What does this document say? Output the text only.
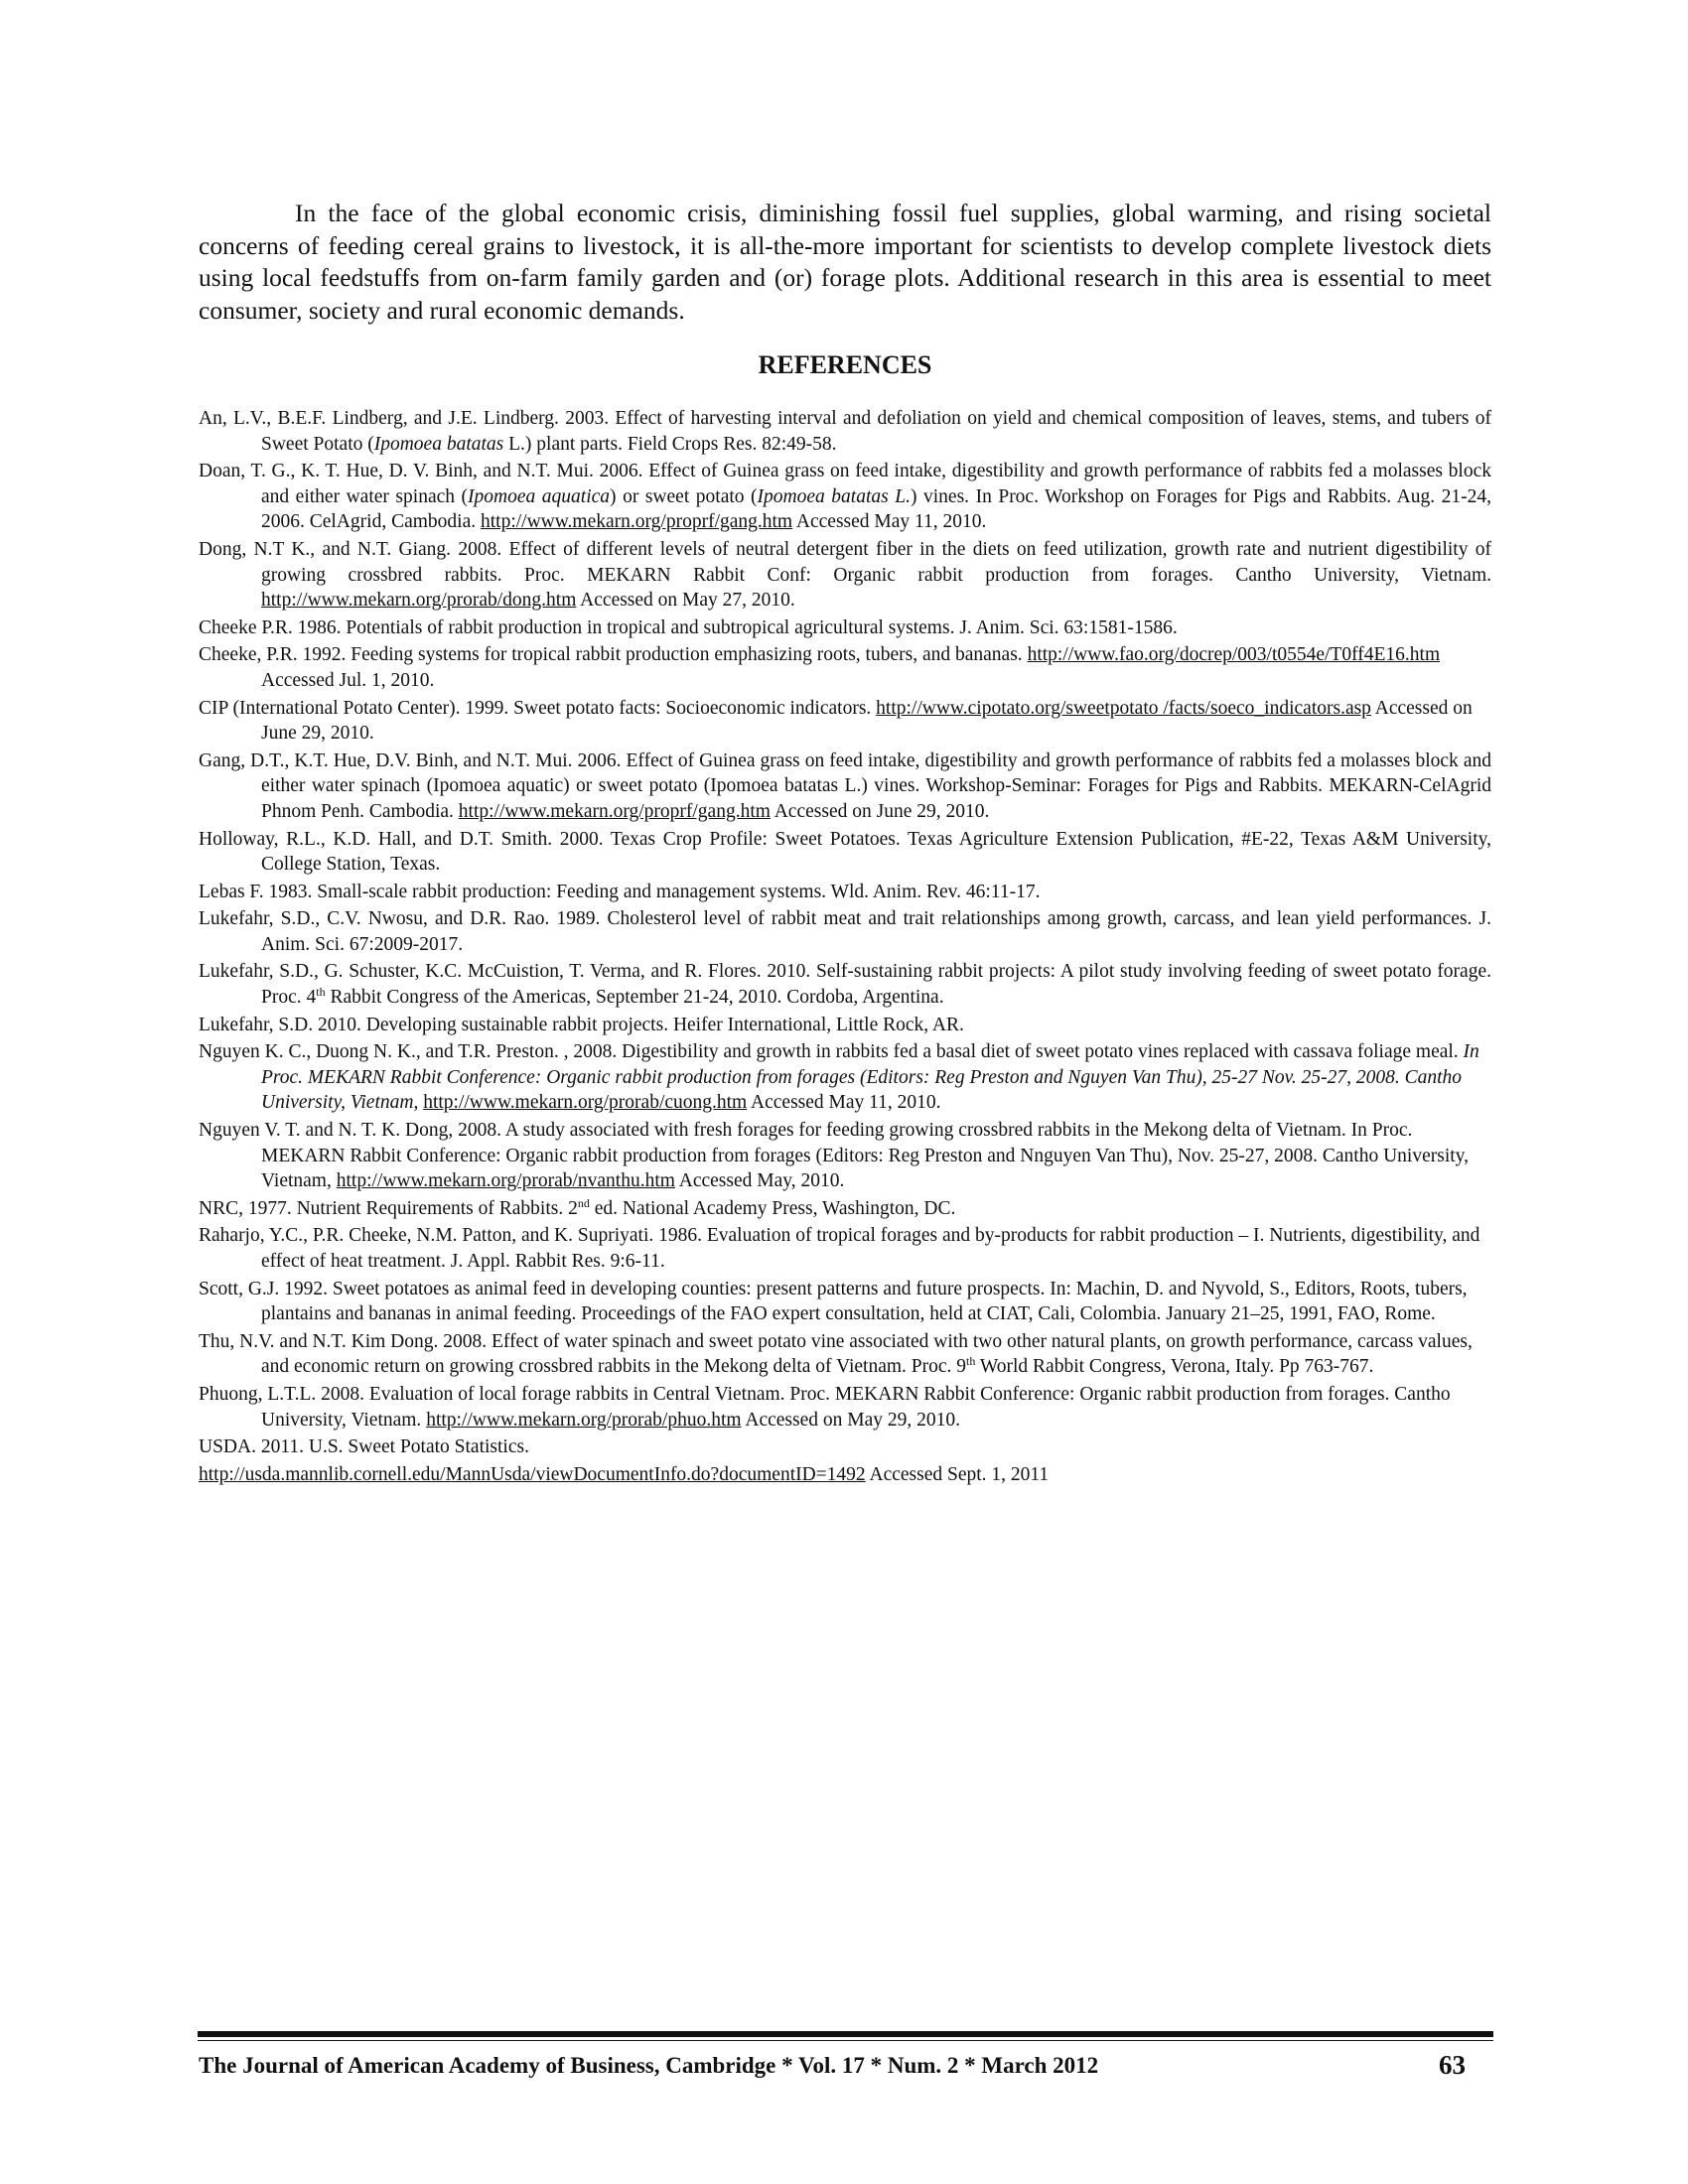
In the face of the global economic crisis, diminishing fossil fuel supplies, global warming, and rising societal concerns of feeding cereal grains to livestock, it is all-the-more important for scientists to develop complete livestock diets using local feedstuffs from on-farm family garden and (or) forage plots. Additional research in this area is essential to meet consumer, society and rural economic demands.

REFERENCES
An, L.V., B.E.F. Lindberg, and J.E. Lindberg. 2003. Effect of harvesting interval and defoliation on yield and chemical composition of leaves, stems, and tubers of Sweet Potato (Ipomoea batatas L.) plant parts. Field Crops Res. 82:49-58.
Doan, T. G., K. T. Hue, D. V. Binh, and N.T. Mui. 2006. Effect of Guinea grass on feed intake, digestibility and growth performance of rabbits fed a molasses block and either water spinach (Ipomoea aquatica) or sweet potato (Ipomoea batatas L.) vines. In Proc. Workshop on Forages for Pigs and Rabbits. Aug. 21-24, 2006. CelAgrid, Cambodia. http://www.mekarn.org/proprf/gang.htm Accessed May 11, 2010.
Dong, N.T K., and N.T. Giang. 2008. Effect of different levels of neutral detergent fiber in the diets on feed utilization, growth rate and nutrient digestibility of growing crossbred rabbits. Proc. MEKARN Rabbit Conf: Organic rabbit production from forages. Cantho University, Vietnam. http://www.mekarn.org/prorab/dong.htm Accessed on May 27, 2010.
Cheeke P.R. 1986. Potentials of rabbit production in tropical and subtropical agricultural systems. J. Anim. Sci. 63:1581-1586.
Cheeke, P.R. 1992. Feeding systems for tropical rabbit production emphasizing roots, tubers, and bananas. http://www.fao.org/docrep/003/t0554e/T0ff4E16.htm Accessed Jul. 1, 2010.
CIP (International Potato Center). 1999. Sweet potato facts: Socioeconomic indicators. http://www.cipotato.org/sweetpotato /facts/soeco_indicators.asp Accessed on June 29, 2010.
Gang, D.T., K.T. Hue, D.V. Binh, and N.T. Mui. 2006. Effect of Guinea grass on feed intake, digestibility and growth performance of rabbits fed a molasses block and either water spinach (Ipomoea aquatic) or sweet potato (Ipomoea batatas L.) vines. Workshop-Seminar: Forages for Pigs and Rabbits. MEKARN-CelAgrid Phnom Penh. Cambodia. http://www.mekarn.org/proprf/gang.htm Accessed on June 29, 2010.
Holloway, R.L., K.D. Hall, and D.T. Smith. 2000. Texas Crop Profile: Sweet Potatoes. Texas Agriculture Extension Publication, #E-22, Texas A&M University, College Station, Texas.
Lebas F. 1983. Small-scale rabbit production: Feeding and management systems. Wld. Anim. Rev. 46:11-17.
Lukefahr, S.D., C.V. Nwosu, and D.R. Rao. 1989. Cholesterol level of rabbit meat and trait relationships among growth, carcass, and lean yield performances. J. Anim. Sci. 67:2009-2017.
Lukefahr, S.D., G. Schuster, K.C. McCuistion, T. Verma, and R. Flores. 2010. Self-sustaining rabbit projects: A pilot study involving feeding of sweet potato forage. Proc. 4th Rabbit Congress of the Americas, September 21-24, 2010. Cordoba, Argentina.
Lukefahr, S.D. 2010. Developing sustainable rabbit projects. Heifer International, Little Rock, AR.
Nguyen K. C., Duong N. K., and T.R. Preston. , 2008. Digestibility and growth in rabbits fed a basal diet of sweet potato vines replaced with cassava foliage meal. In Proc. MEKARN Rabbit Conference: Organic rabbit production from forages (Editors: Reg Preston and Nguyen Van Thu), 25-27 Nov. 25-27, 2008. Cantho University, Vietnam, http://www.mekarn.org/prorab/cuong.htm Accessed May 11, 2010.
Nguyen V. T. and N. T. K. Dong, 2008. A study associated with fresh forages for feeding growing crossbred rabbits in the Mekong delta of Vietnam. In Proc. MEKARN Rabbit Conference: Organic rabbit production from forages (Editors: Reg Preston and Nnguyen Van Thu), Nov. 25-27, 2008. Cantho University, Vietnam, http://www.mekarn.org/prorab/nvanthu.htm Accessed May, 2010.
NRC, 1977. Nutrient Requirements of Rabbits. 2nd ed. National Academy Press, Washington, DC.
Raharjo, Y.C., P.R. Cheeke, N.M. Patton, and K. Supriyati. 1986. Evaluation of tropical forages and by-products for rabbit production – I. Nutrients, digestibility, and effect of heat treatment. J. Appl. Rabbit Res. 9:6-11.
Scott, G.J. 1992. Sweet potatoes as animal feed in developing counties: present patterns and future prospects. In: Machin, D. and Nyvold, S., Editors, Roots, tubers, plantains and bananas in animal feeding. Proceedings of the FAO expert consultation, held at CIAT, Cali, Colombia. January 21–25, 1991, FAO, Rome.
Thu, N.V. and N.T. Kim Dong. 2008. Effect of water spinach and sweet potato vine associated with two other natural plants, on growth performance, carcass values, and economic return on growing crossbred rabbits in the Mekong delta of Vietnam. Proc. 9th World Rabbit Congress, Verona, Italy. Pp 763-767.
Phuong, L.T.L. 2008. Evaluation of local forage rabbits in Central Vietnam. Proc. MEKARN Rabbit Conference: Organic rabbit production from forages. Cantho University, Vietnam. http://www.mekarn.org/prorab/phuo.htm Accessed on May 29, 2010.
USDA. 2011. U.S. Sweet Potato Statistics.
http://usda.mannlib.cornell.edu/MannUsda/viewDocumentInfo.do?documentID=1492 Accessed Sept. 1, 2011
The Journal of American Academy of Business, Cambridge * Vol. 17 * Num. 2 * March 2012	63
